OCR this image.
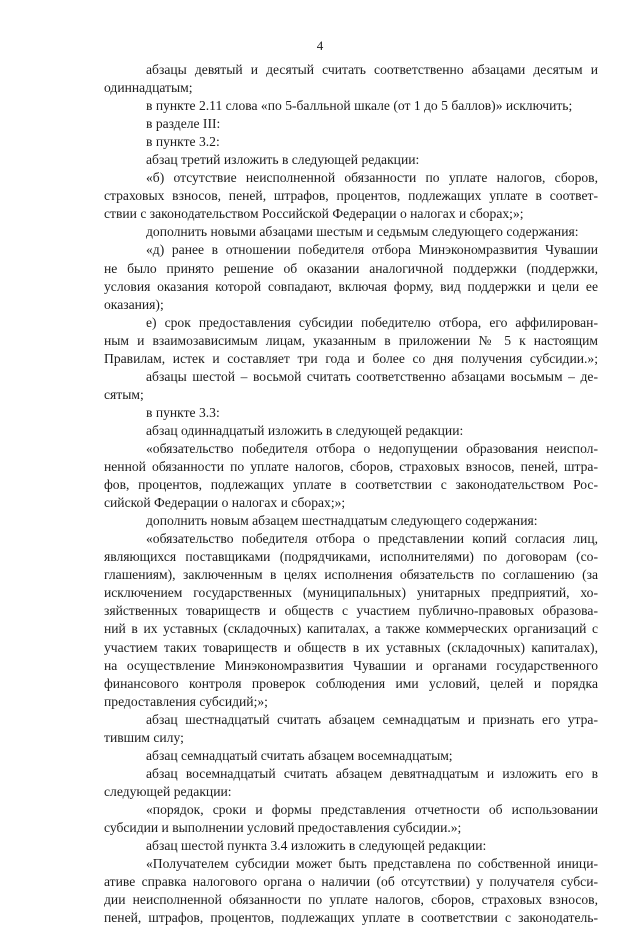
4
абзацы девятый и десятый считать соответственно абзацами десятым и
одиннадцатым;
в пункте 2.11 слова «по 5-балльной шкале (от 1 до 5 баллов)» исключить;
в разделе III:
в пункте 3.2:
абзац третий изложить в следующей редакции:
«б) отсутствие неисполненной обязанности по уплате налогов, сборов,
страховых взносов, пеней, штрафов, процентов, подлежащих уплате в соответ-
ствии с законодательством Российской Федерации о налогах и сборах;»;
дополнить новыми абзацами шестым и седьмым следующего содержания:
«д) ранее в отношении победителя отбора Минэкономразвития Чувашии
не было принято решение об оказании аналогичной поддержки (поддержки,
условия оказания которой совпадают, включая форму, вид поддержки и цели ее
оказания);
е) срок предоставления субсидии победителю отбора, его аффилирован-
ным и взаимозависимым лицам, указанным в приложении № 5 к настоящим
Правилам, истек и составляет три года и более со дня получения субсидии.»;
абзацы шестой – восьмой считать соответственно абзацами восьмым – де-
сятым;
в пункте 3.3:
абзац одиннадцатый изложить в следующей редакции:
«обязательство победителя отбора о недопущении образования неиспол-
ненной обязанности по уплате налогов, сборов, страховых взносов, пеней, штра-
фов, процентов, подлежащих уплате в соответствии с законодательством Рос-
сийской Федерации о налогах и сборах;»;
дополнить новым абзацем шестнадцатым следующего содержания:
«обязательство победителя отбора о представлении копий согласия лиц,
являющихся поставщиками (подрядчиками, исполнителями) по договорам (со-
глашениям), заключенным в целях исполнения обязательств по соглашению (за
исключением государственных (муниципальных) унитарных предприятий, хо-
зяйственных товариществ и обществ с участием публично-правовых образова-
ний в их уставных (складочных) капиталах, а также коммерческих организаций с
участием таких товариществ и обществ в их уставных (складочных) капиталах),
на осуществление Минэкономразвития Чувашии и органами государственного
финансового контроля проверок соблюдения ими условий, целей и порядка
предоставления субсидий;»;
абзац шестнадцатый считать абзацем семнадцатым и признать его утра-
тившим силу;
абзац семнадцатый считать абзацем восемнадцатым;
абзац восемнадцатый считать абзацем девятнадцатым и изложить его в
следующей редакции:
«порядок, сроки и формы представления отчетности об использовании
субсидии и выполнении условий предоставления субсидии.»;
абзац шестой пункта 3.4 изложить в следующей редакции:
«Получателем субсидии может быть представлена по собственной иници-
ативе справка налогового органа о наличии (об отсутствии) у получателя субси-
дии неисполненной обязанности по уплате налогов, сборов, страховых взносов,
пеней, штрафов, процентов, подлежащих уплате в соответствии с законодатель-
